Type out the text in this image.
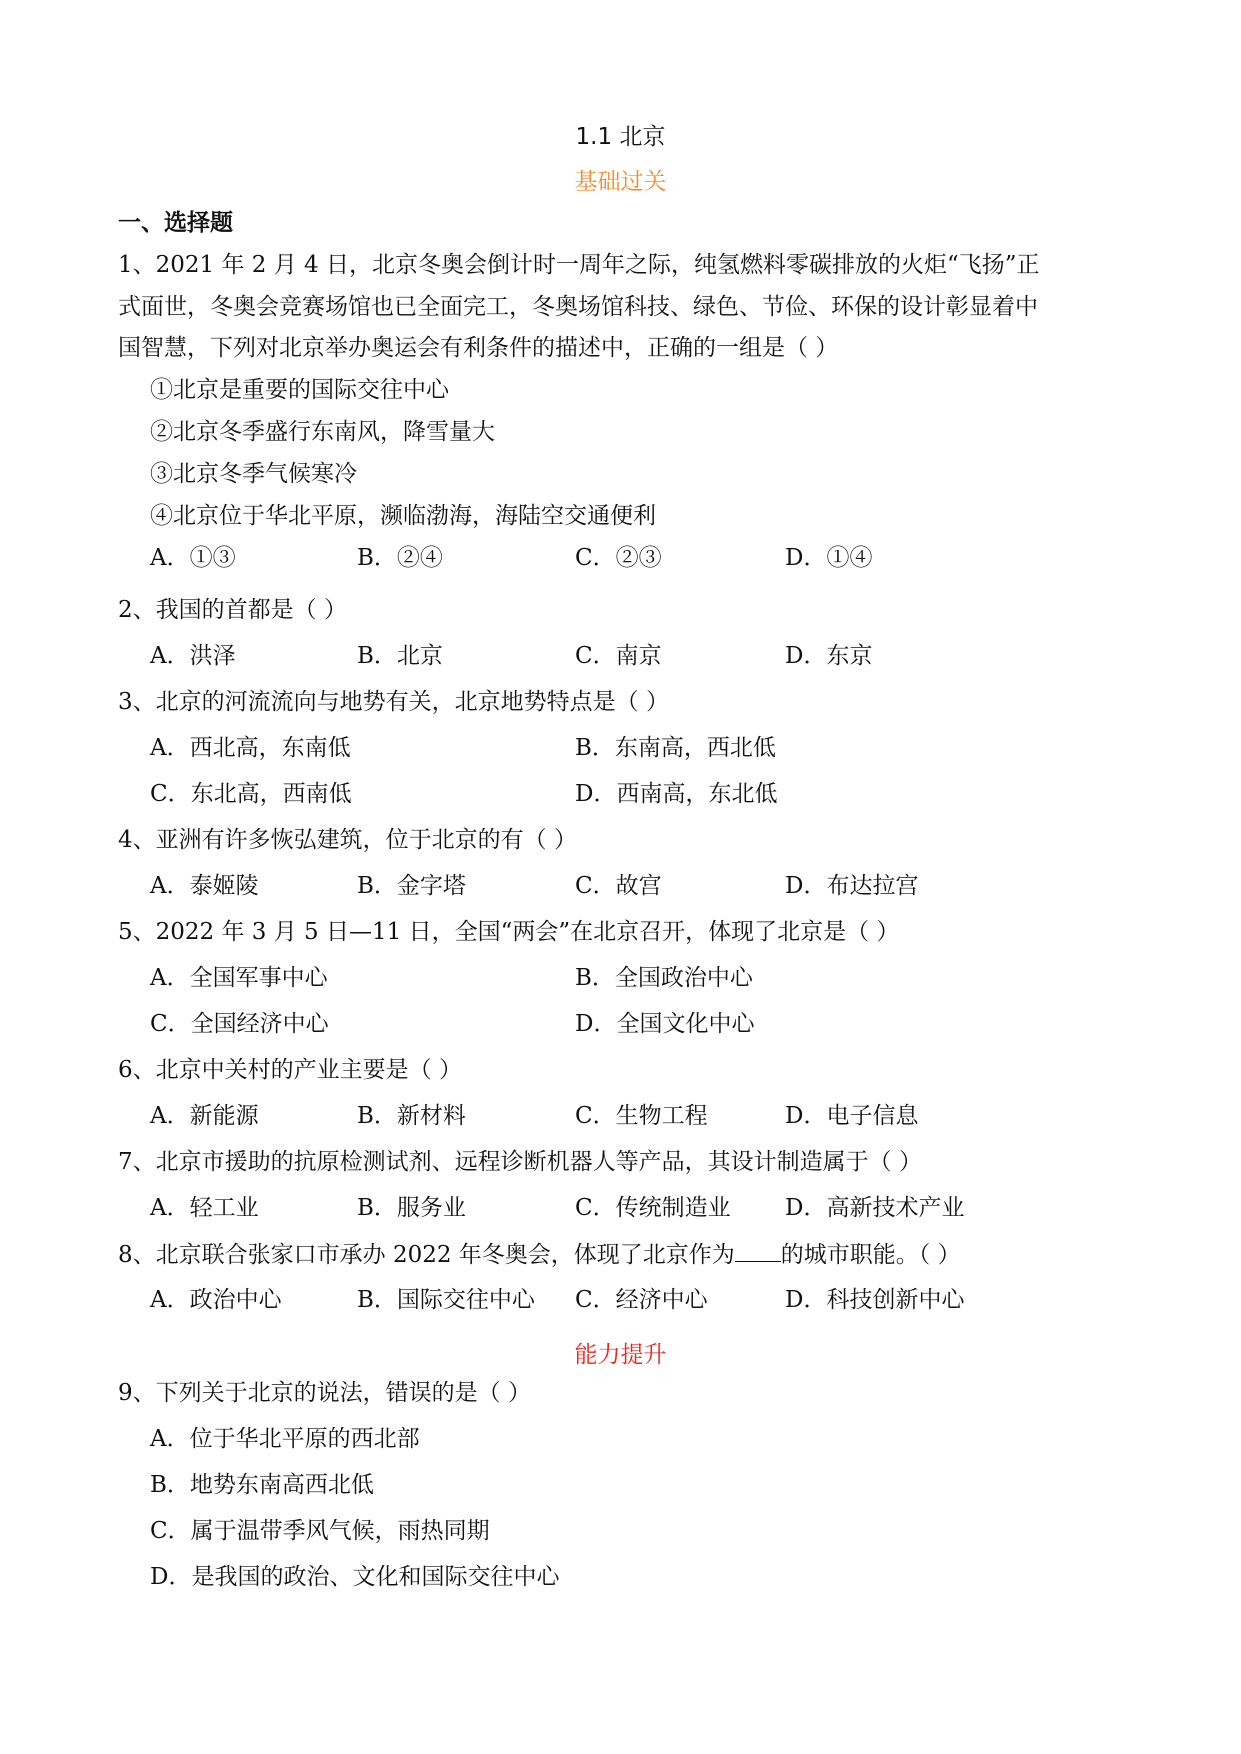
1.1 北京
基础过关
一、选择题
1、2021 年 2 月 4 日，北京冬奥会倒计时一周年之际，纯氢燃料零碳排放的火炬“飞扬”正
式面世，冬奥会竞赛场馆也已全面完工，冬奥场馆科技、绿色、节俭、环保的设计彰显着中
国智慧，下列对北京举办奥运会有利条件的描述中，正确的一组是（ ）
①北京是重要的国际交往中心
②北京冬季盛行东南风，降雪量大
③北京冬季气候寒冷
④北京位于华北平原，濒临渤海，海陆空交通便利
A．①③	B．②④	C．②③	D．①④
2、我国的首都是（ ）
A．洪泽	B．北京	C．南京	D．东京
3、北京的河流流向与地势有关，北京地势特点是（ ）
A．西北高，东南低	B．东南高，西北低
C．东北高，西南低	D．西南高，东北低
4、亚洲有许多恢弘建筑，位于北京的有（ ）
A．泰姬陵	B．金字塔	C．故宫	D．布达拉宫
5、2022 年 3 月 5 日—11 日，全国“两会”在北京召开，体现了北京是（ ）
A．全国军事中心	B．全国政治中心
C．全国经济中心	D．全国文化中心
6、北京中关村的产业主要是（ ）
A．新能源	B．新材料	C．生物工程	D．电子信息
7、北京市援助的抗原检测试剂、远程诊断机器人等产品，其设计制造属于（ ）
A．轻工业	B．服务业	C．传统制造业 D．高新技术产业
8、北京联合张家口市承办 2022 年冬奥会，体现了北京作为 的城市职能。（ ）
A．政治中心	B．国际交往中心 C．经济中心	D．科技创新中心
能力提升
9、下列关于北京的说法，错误的是（ ）
A．位于华北平原的西北部
B．地势东南高西北低
C．属于温带季风气候，雨热同期
D．是我国的政治、文化和国际交往中心
